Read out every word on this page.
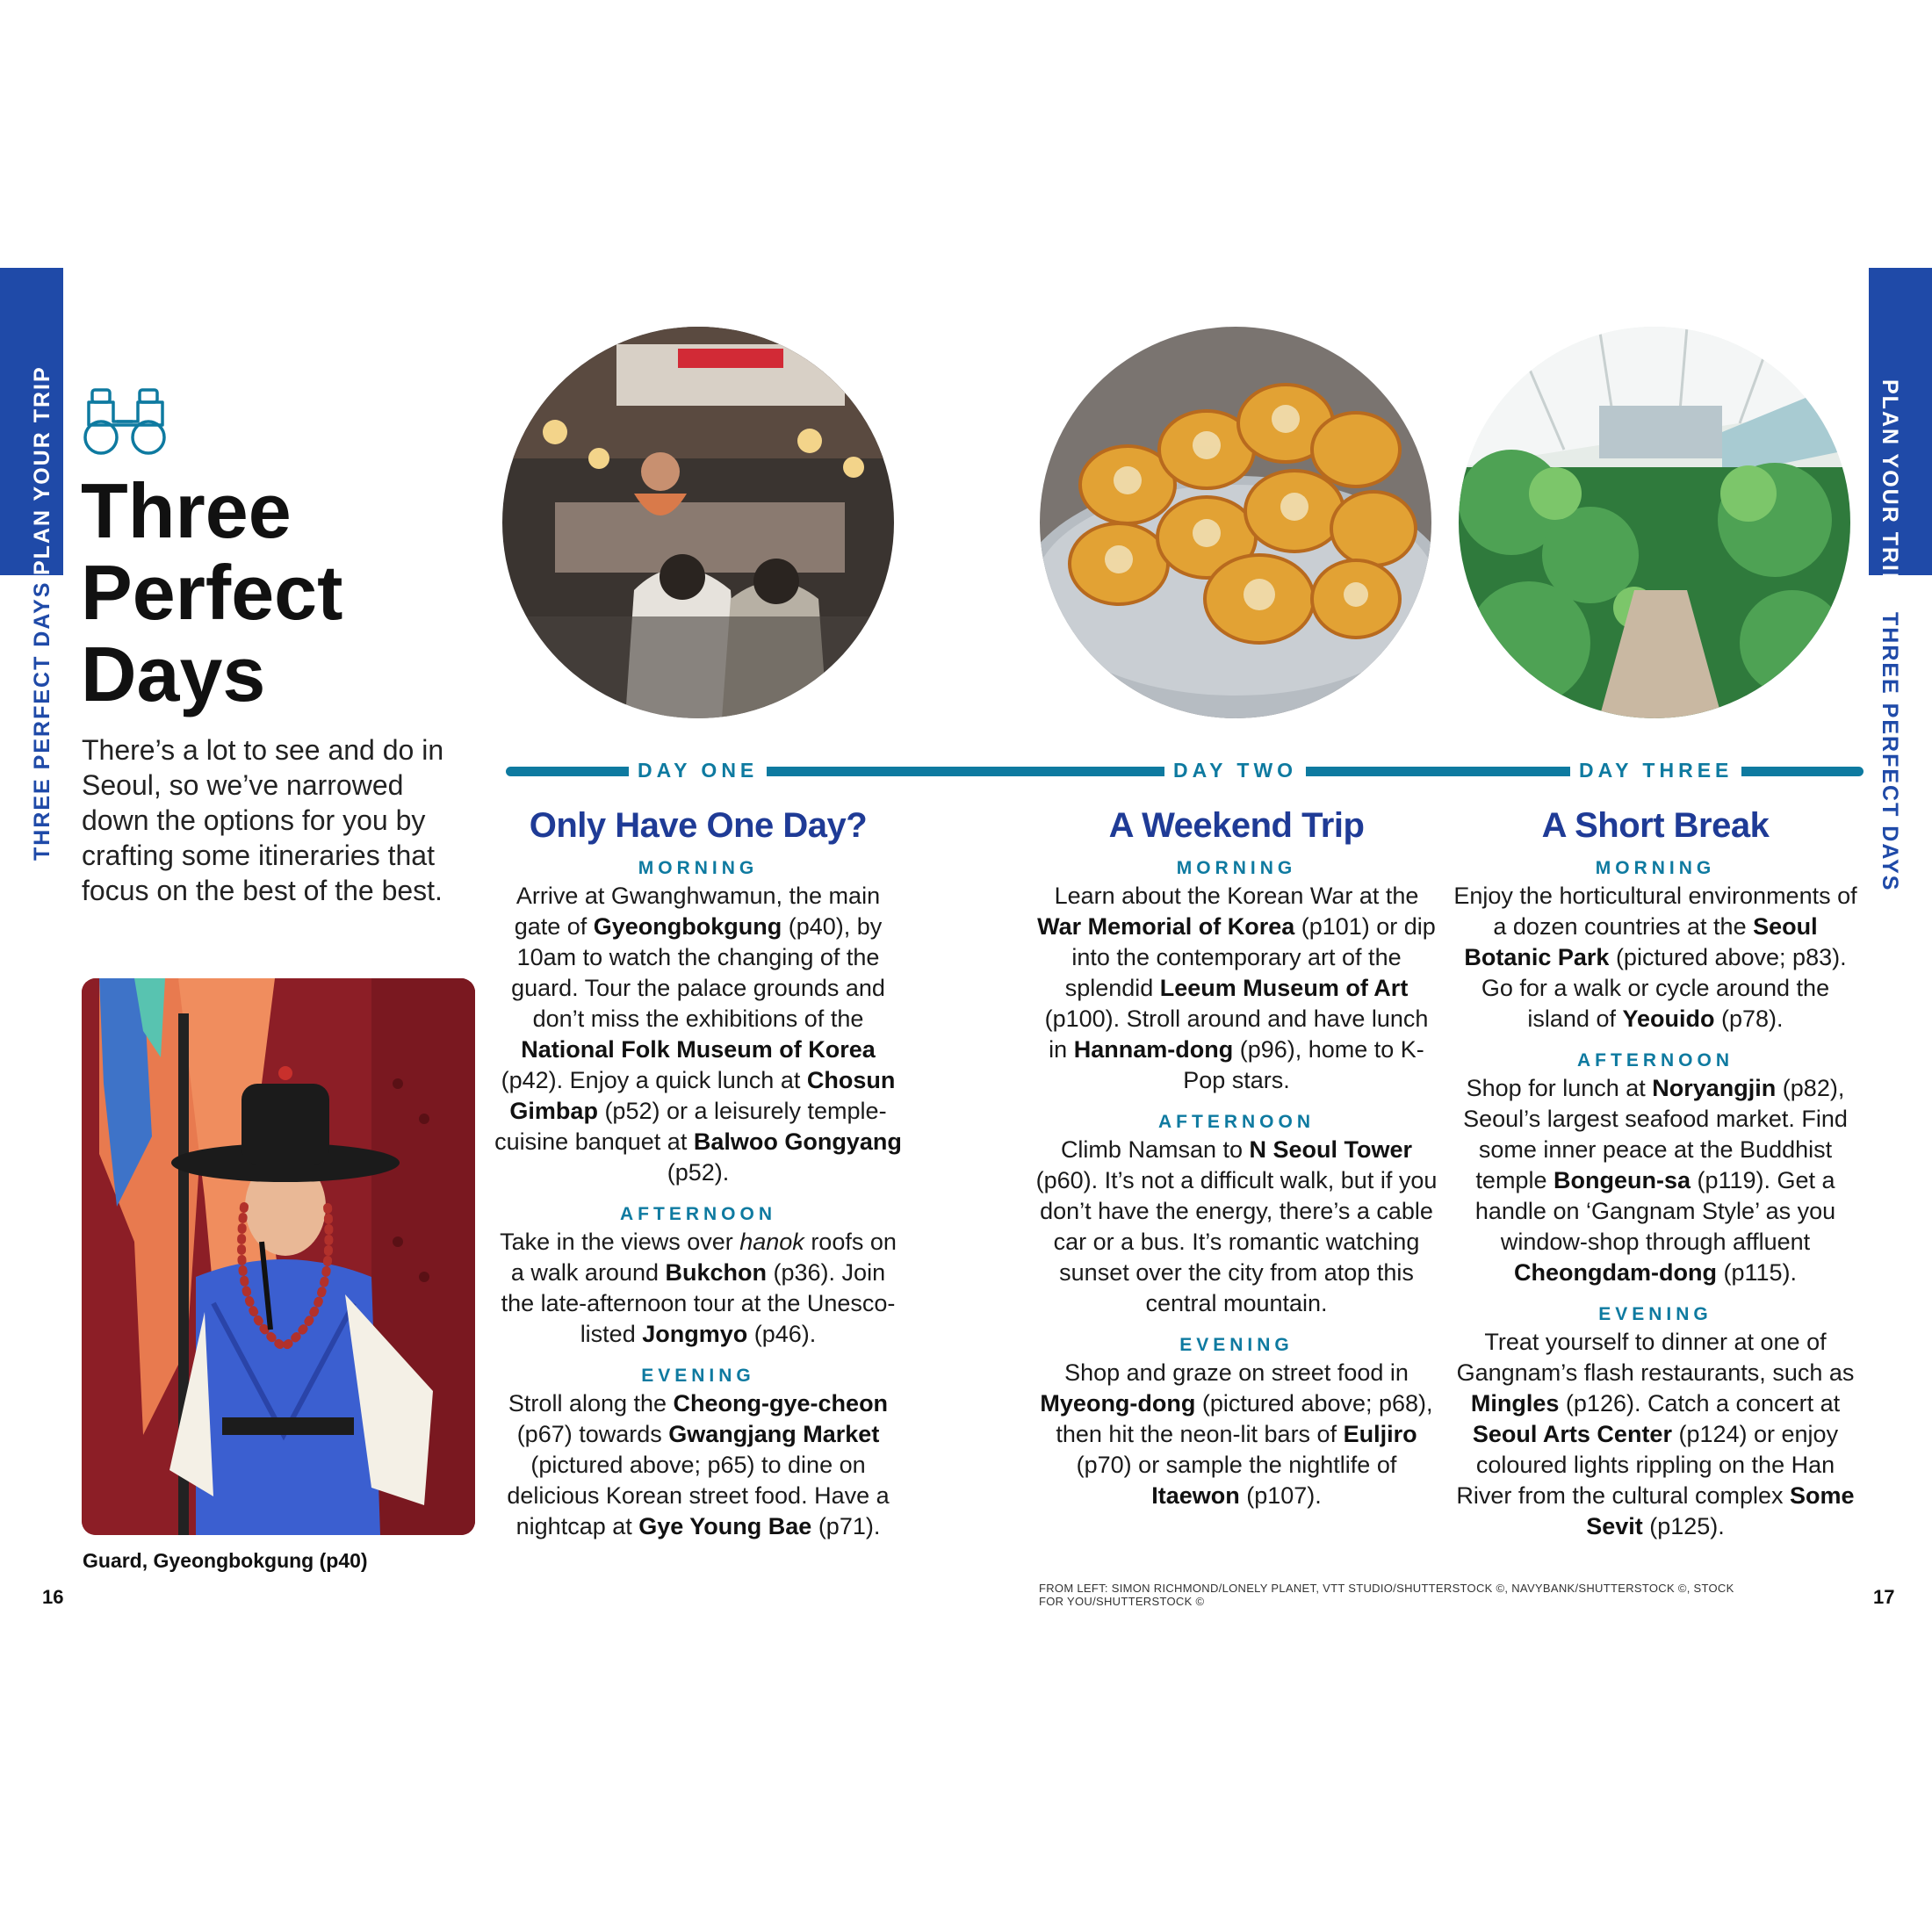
PLAN YOUR TRIP
THREE PERFECT DAYS
PLAN YOUR TRIP
THREE PERFECT DAYS
Three
Perfect
Days
There’s a lot to see and do in Seoul, so we’ve narrowed down the options for you by crafting some itineraries that focus on the best of the best.
Guard, Gyeongbokgung (p40)
16	17
DAY ONE	DAY TWO	DAY THREE
Only Have One Day?
MORNING
Arrive at Gwanghwamun, the main gate of Gyeongbokgung (p40), by 10am to watch the changing of the guard. Tour the palace grounds and don’t miss the exhibitions of the National Folk Museum of Korea (p42). Enjoy a quick lunch at Chosun Gimbap (p52) or a leisurely temple-cuisine banquet at Balwoo Gongyang (p52).
AFTERNOON
Take in the views over hanok roofs on a walk around Bukchon (p36). Join the late-afternoon tour at the Unesco-listed Jongmyo (p46).
EVENING
Stroll along the Cheong-gye-cheon (p67) towards Gwangjang Market (pictured above; p65) to dine on delicious Korean street food. Have a nightcap at Gye Young Bae (p71).
A Weekend Trip
MORNING
Learn about the Korean War at the War Memorial of Korea (p101) or dip into the contemporary art of the splendid Leeum Museum of Art (p100). Stroll around and have lunch in Hannam-dong (p96), home to K-Pop stars.
AFTERNOON
Climb Namsan to N Seoul Tower (p60). It’s not a difficult walk, but if you don’t have the energy, there’s a cable car or a bus. It’s romantic watching sunset over the city from atop this central mountain.
EVENING
Shop and graze on street food in Myeong-dong (pictured above; p68), then hit the neon-lit bars of Euljiro (p70) or sample the nightlife of Itaewon (p107).
A Short Break
MORNING
Enjoy the horticultural environments of a dozen countries at the Seoul Botanic Park (pictured above; p83). Go for a walk or cycle around the island of Yeouido (p78).
AFTERNOON
Shop for lunch at Noryangjin (p82), Seoul’s largest seafood market. Find some inner peace at the Buddhist temple Bongeun-sa (p119). Get a handle on ‘Gangnam Style’ as you window-shop through affluent Cheongdam-dong (p115).
EVENING
Treat yourself to dinner at one of Gangnam’s flash restaurants, such as Mingles (p126). Catch a concert at Seoul Arts Center (p124) or enjoy coloured lights rippling on the Han River from the cultural complex Some Sevit (p125).
FROM LEFT: SIMON RICHMOND/LONELY PLANET, VTT STUDIO/SHUTTERSTOCK ©, NAVYBANK/SHUTTERSTOCK ©, STOCK FOR YOU/SHUTTERSTOCK ©
